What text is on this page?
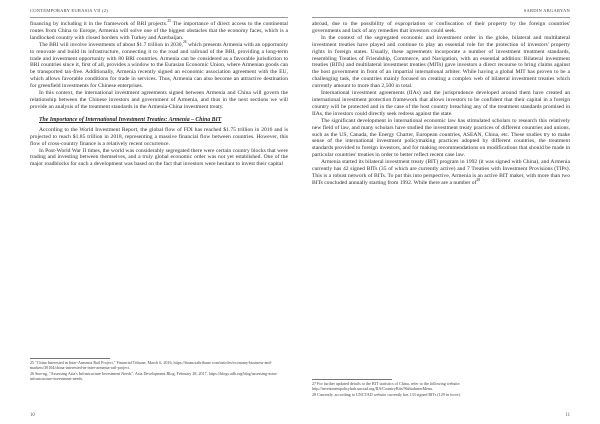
CONTEMPORARY EURASIA VII (2)

financing by including it in the framework of BRI projects.$^{25}$ The importance of direct access to the continental routes from China to Europe, Armenia will solve one of the biggest obstacles that the economy faces, which is a landlocked country with closed borders with Turkey and Azerbaijan.

The BRI will involve investments of about $1.7 trillion in 2030,26 which presents Armenia with an opportunity to renovate and build its infrastructure, connecting it to the road and railroad of the BRI, providing a long-term trade and investment opportunity with 80 BRI countries. Armenia can be considered as a favorable jurisdiction to BRI countries since it, first of all, provides a window to the Eurasian Economic Union, where Armenian goods can be transported tax-free. Additionally, Armenia recently signed an economic association agreement with the EU, which allows favorable conditions for trade in services. Thus, Armenia can also become an attractive destination for greenfield investments for Chinese enterprises.

In this context, the international investment agreements signed between Armenia and China will govern the relationship between the Chinese investors and government of Armenia, and thus in the next sections we will provide an analysis of the treatment standards in the Armenia-China investment treaty.

The Importance of International Investment Treaties: Armenia – China BIT

According to the World Investment Report, the global flow of FDI has reached $1.75 trillion in 2016 and is projected to reach $1.85 trillion in 2018, representing a massive financial flow between countries. However, this flow of cross-country finance is a relatively recent occurrence.

In Post-World War II times, the world was considerably segregated there were certain country blocks that were trading and investing between themselves, and a truly global economic order was not yet established. One of the major roadblocks for such a development was based on the fact that investors were hesitant to invest their capital

25 "China Interested in Inter-Armenia Rail Project," Financial Tribune, March 6, 2016, https://financialtribune.com/articles/economy-business-and-markets/30104/china-interested-in-inter-armenia-rail-project.
26 Sun-ng, "Assessing Asia's Infrastructure Investment Needs", Asia Development Blog, February 28, 2017, https://blogs.adb.org/blog/assessing-asias-infrastructure-investment-needs.
10
SARDIN ABGARYAN

abroad, due to the possibility of expropriation or confiscation of their property by the foreign countries' governments and lack of any remedies that investors could seek.

In the context of the segregated economic and investment order in the globe, bilateral and multilateral investment treaties have played and continue to play an essential role for the protection of investors' property rights in foreign states. Usually, these agreements incorporate a number of investment treatment standards, resembling Treaties of Friendship, Commerce, and Navigation, with an essential addition: Bilateral investment treaties (BITs) and multilateral investment treaties (MITs) gave investors a direct recourse to bring claims against the host government in front of an impartial international arbiter. While having a global MIT has proven to be a challenging task, the countries mainly focused on creating a complex web of bilateral investment treaties which currently amount to more than 2,500 in total.

International investment agreements (IIAs) and the jurisprudence developed around them have created an international investment protection framework that allows investors to be confident that their capital in a foreign country will be protected and in the case of the host country breaching any of the treatment standards promised in IIAs, the investors could directly seek redress against the state.

The significant development in international economic law has stimulated scholars to research this relatively new field of law, and many scholars have studied the investment treaty practices of different countries and unions, such as the US, Canada, the Energy Charter, European countries, ASEAN, China, etc. These studies try to make sense of the international investment policymaking practices adopted by different countries, the treatment standards provided to foreign investors, and for making recommendations on modifications that should be made in particular countries' treaties in order to better reflect recent case law.

Armenia started its bilateral investment treaty (BIT) program in 1992 (it was signed with China), and Armenia currently has 42 signed BITs (35 of which are currently active) and 7 Treaties with Investment Provisions (TIPs). This is a robust network of BITs. To put this into perspective, Armenia is an active BIT maker, with more than two BITs concluded annually starting from 1992. While there are a number $of^{28}$

27 For further updated details to the BIT statistics of China, refer to the following website: http://investmentpolicyhub.unctad.org/IIA/CountryBits/96#iiaInnerMenu.
28 Currently, according to UNCTAD website currently has 133 signed BITs (129 in force).
11
